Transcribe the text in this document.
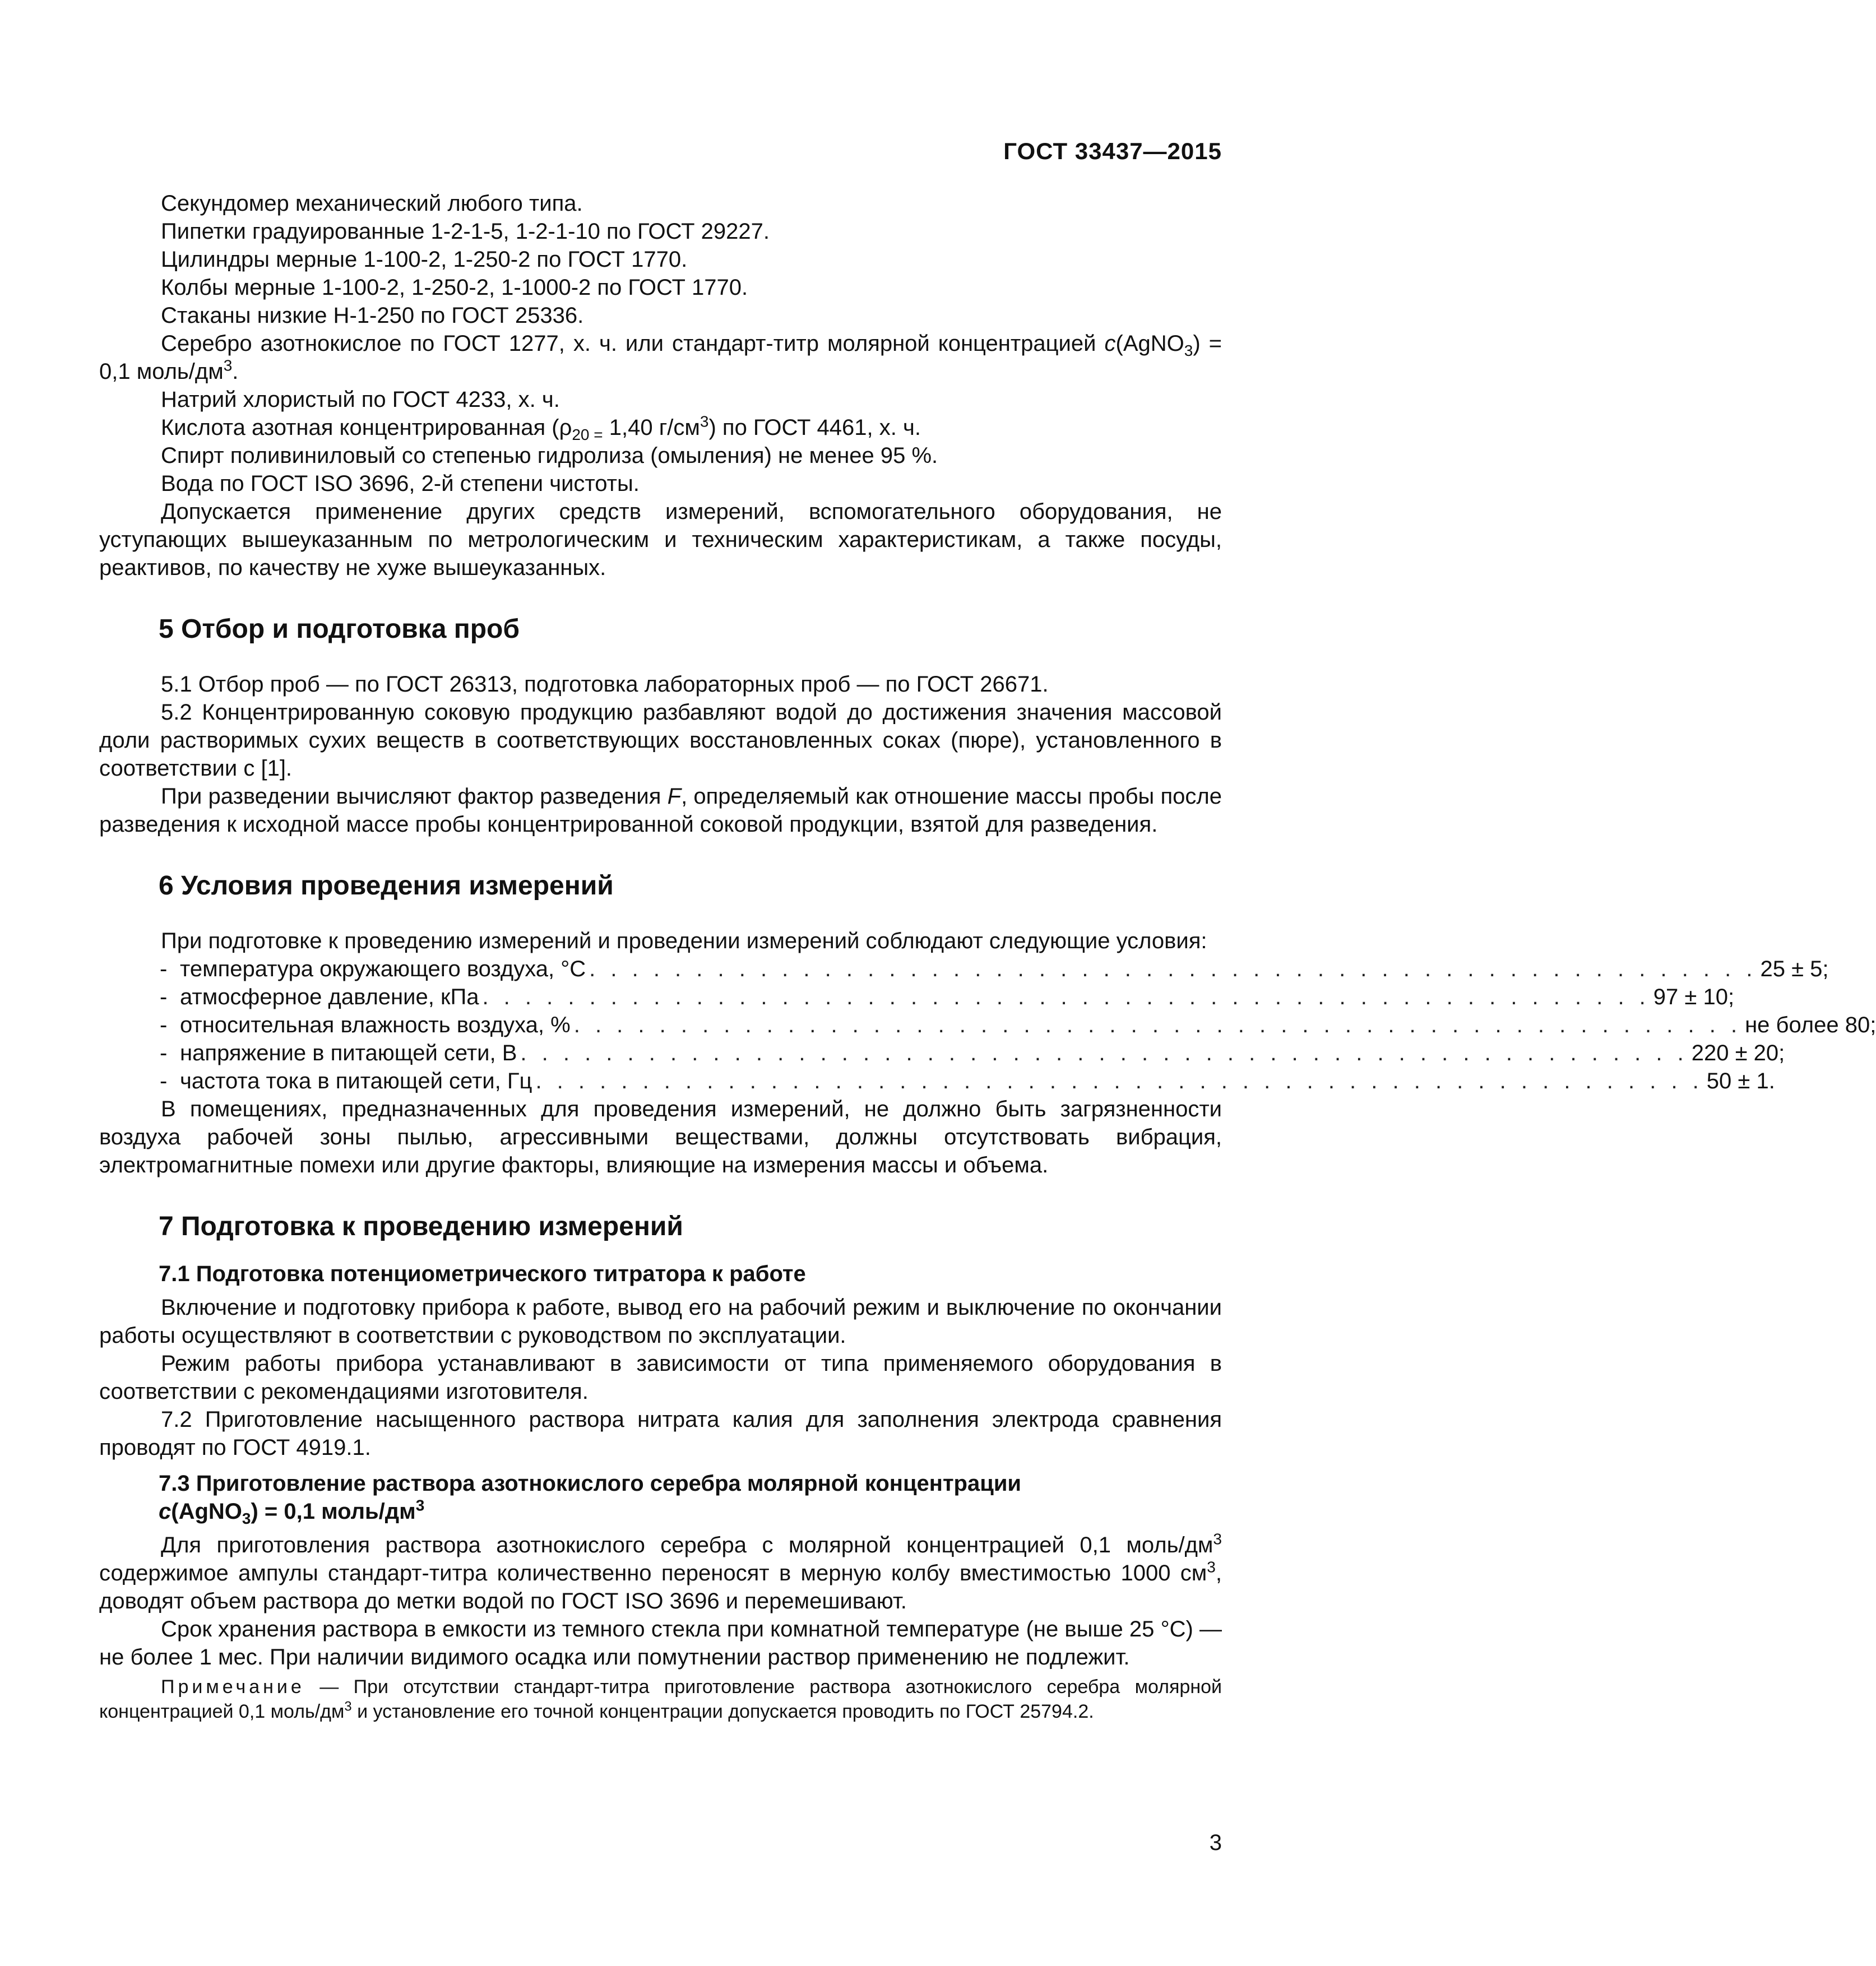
ГОСТ 33437—2015

Секундомер механический любого типа.

Пипетки градуированные 1-2-1-5, 1-2-1-10 по ГОСТ 29227.

Цилиндры мерные 1-100-2, 1-250-2 по ГОСТ 1770.

Колбы мерные 1-100-2, 1-250-2, 1-1000-2 по ГОСТ 1770.

Стаканы низкие Н-1-250 по ГОСТ 25336.

Серебро азотнокислое по ГОСТ 1277, х. ч. или стандарт-титр молярной концентрацией c(AgNO$_3$) = 0,1 моль/$дм^3$.

Натрий хлористый по ГОСТ 4233, х. ч.

Кислота азотная концентрированная ($\rho_{20 =}$ 1,40 $г/см^3$) по ГОСТ 4461, х. ч.

Спирт поливиниловый со степенью гидролиза (омыления) не менее 95 %.

Вода по ГОСТ ISO 3696, 2-й степени чистоты.

Допускается применение других средств измерений, вспомогательного оборудования, не уступающих вышеуказанным по метрологическим и техническим характеристикам, а также посуды, реактивов, по качеству не хуже вышеуказанных.

5 Отбор и подготовка проб

5.1 Отбор проб — по ГОСТ 26313, подготовка лабораторных проб — по ГОСТ 26671.

5.2 Концентрированную соковую продукцию разбавляют водой до достижения значения массовой доли растворимых сухих веществ в соответствующих восстановленных соках (пюре), установленного в соответствии с [1].

При разведении вычисляют фактор разведения F, определяемый как отношение массы пробы после разведения к исходной массе пробы концентрированной соковой продукции, взятой для разведения.

6 Условия проведения измерений

При подготовке к проведению измерений и проведении измерений соблюдают следующие условия:

- температура окружающего воздуха, °С . . . . . . . . . . . . . . . . . . . . . . . . . . . . . . . . . . . . . . . . . . . . . . . . . . . . . . . 25 ± 5;
- атмосферное давление, кПа . . . . . . . . . . . . . . . . . . . . . . . . . . . . . . . . . . . . . . . . . . . . . . . . . . . . . . . 97 ± 10;
- относительная влажность воздуха, % . . . . . . . . . . . . . . . . . . . . . . . . . . . . . . . . . . . . . . . . . . . . . . . . . . . . . . . не более 80;
- напряжение в питающей сети, В . . . . . . . . . . . . . . . . . . . . . . . . . . . . . . . . . . . . . . . . . . . . . . . . . . . . . . . 220 ± 20;
- частота тока в питающей сети, Гц . . . . . . . . . . . . . . . . . . . . . . . . . . . . . . . . . . . . . . . . . . . . . . . . . . . . . . . 50 ± 1.

В помещениях, предназначенных для проведения измерений, не должно быть загрязненности воздуха рабочей зоны пылью, агрессивными веществами, должны отсутствовать вибрация, электромагнитные помехи или другие факторы, влияющие на измерения массы и объема.

7 Подготовка к проведению измерений
7.1 Подготовка потенциометрического титратора к работе

Включение и подготовку прибора к работе, вывод его на рабочий режим и выключение по окончании работы осуществляют в соответствии с руководством по эксплуатации.

Режим работы прибора устанавливают в зависимости от типа применяемого оборудования в соответствии с рекомендациями изготовителя.

7.2 Приготовление насыщенного раствора нитрата калия для заполнения электрода сравнения проводят по ГОСТ 4919.1.

7.3 Приготовление раствора азотнокислого серебра молярной концентрации
c(AgNO$_3$) = 0,1 моль/$дм^3$

Для приготовления раствора азотнокислого серебра с молярной концентрацией 0,1 моль/$дм^3$ содержимое ампулы стандарт-титра количественно переносят в мерную колбу вместимостью 1000 $см^3$, доводят объем раствора до метки водой по ГОСТ ISO 3696 и перемешивают.

Срок хранения раствора в емкости из темного стекла при комнатной температуре (не выше 25 °С) — не более 1 мес. При наличии видимого осадка или помутнении раствор применению не подлежит.

Примечание — При отсутствии стандарт-титра приготовление раствора азотнокислого серебра молярной концентрацией 0,1 моль/$дм^3$ и установление его точной концентрации допускается проводить по ГОСТ 25794.2.

3
